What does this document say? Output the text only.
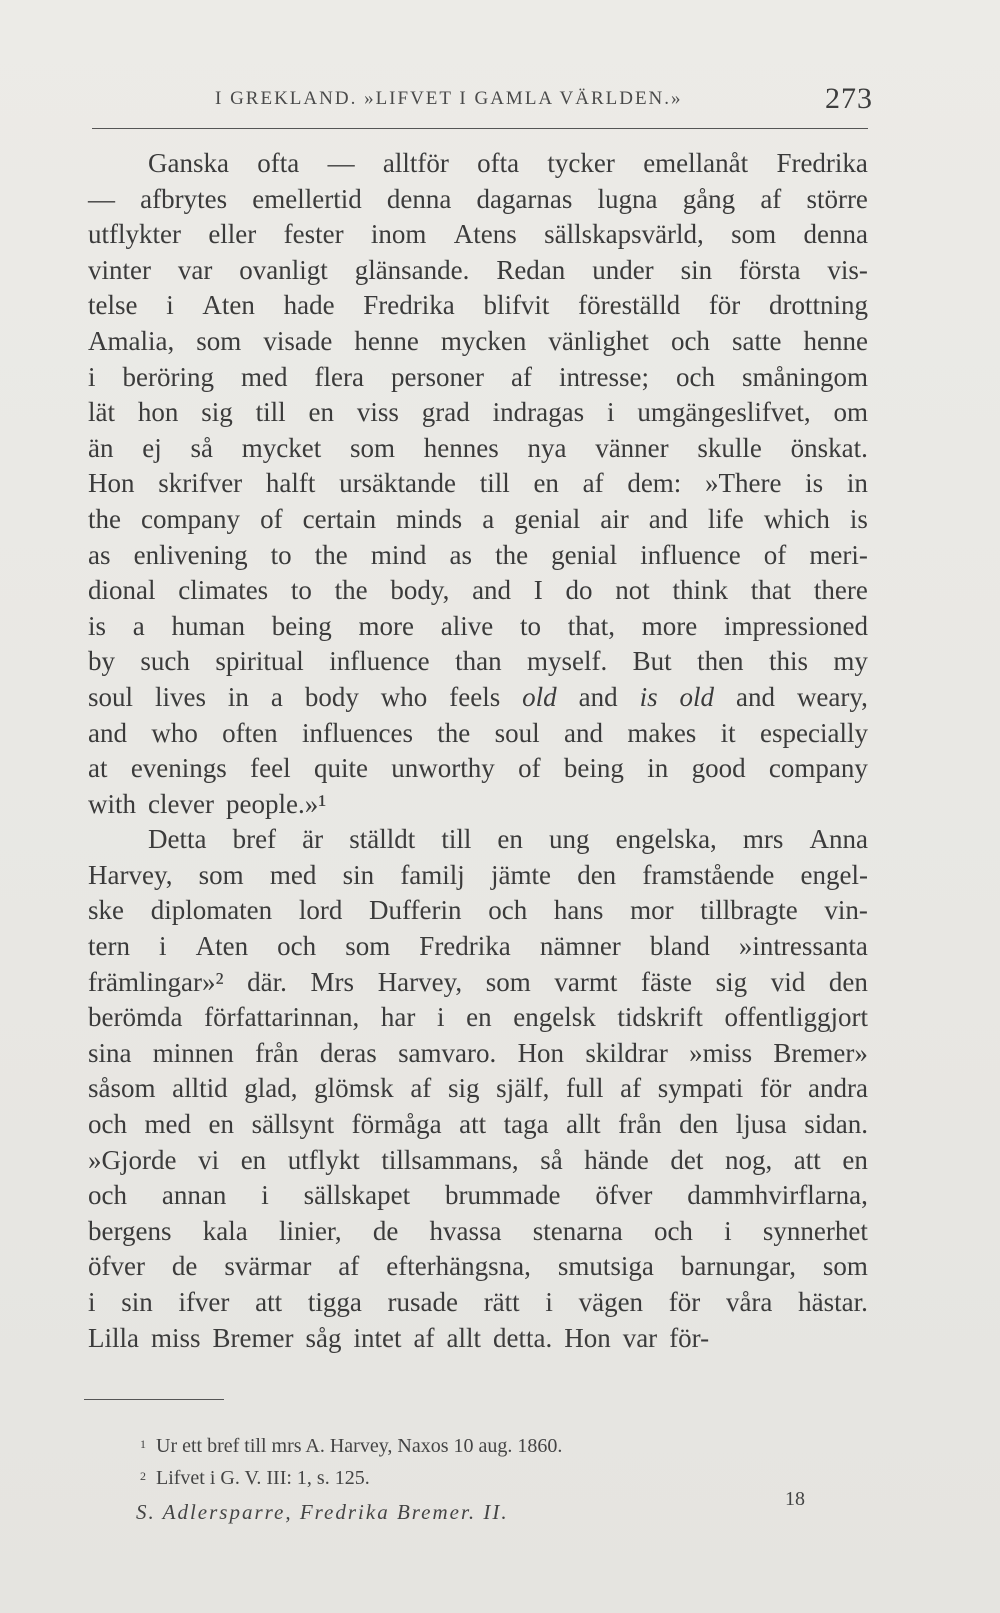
I GREKLAND. »LIFVET I GAMLA VÄRLDEN.»	273
Ganska ofta — alltför ofta tycker emellanåt Fredrika
— afbrytes emellertid denna dagarnas lugna gång af större
utflykter eller fester inom Atens sällskapsvärld, som denna
vinter var ovanligt glänsande. Redan under sin första vis-
telse i Aten hade Fredrika blifvit föreställd för drottning
Amalia, som visade henne mycken vänlighet och satte henne
i beröring med flera personer af intresse; och småningom
lät hon sig till en viss grad indragas i umgängeslifvet, om
än ej så mycket som hennes nya vänner skulle önskat.
Hon skrifver halft ursäktande till en af dem: »There is in
the company of certain minds a genial air and life which is
as enlivening to the mind as the genial influence of meri-
dional climates to the body, and I do not think that there
is a human being more alive to that, more impressioned
by such spiritual influence than myself. But then this my
soul lives in a body who feels old and is old and weary,
and who often influences the soul and makes it especially
at evenings feel quite unworthy of being in good company
with clever people.»¹
Detta bref är ställdt till en ung engelska, mrs Anna
Harvey, som med sin familj jämte den framstående engel-
ske diplomaten lord Dufferin och hans mor tillbragte vin-
tern i Aten och som Fredrika nämner bland »intressanta
främlingar»² där. Mrs Harvey, som varmt fäste sig vid den
berömda författarinnan, har i en engelsk tidskrift offentliggjort
sina minnen från deras samvaro. Hon skildrar »miss Bremer»
såsom alltid glad, glömsk af sig själf, full af sympati för andra
och med en sällsynt förmåga att taga allt från den ljusa sidan.
»Gjorde vi en utflykt tillsammans, så hände det nog, att en
och annan i sällskapet brummade öfver dammhvirflarna,
bergens kala linier, de hvassa stenarna och i synnerhet
öfver de svärmar af efterhängsna, smutsiga barnungar, som
i sin ifver att tigga rusade rätt i vägen för våra hästar.
Lilla miss Bremer såg intet af allt detta. Hon var för-
$^1$ Ur ett bref till mrs A. Harvey, Naxos 10 aug. 1860.
$^2$ Lifvet i G. V. III: 1, s. 125.
S. Adlersparre, Fredrika Bremer. II.
18
